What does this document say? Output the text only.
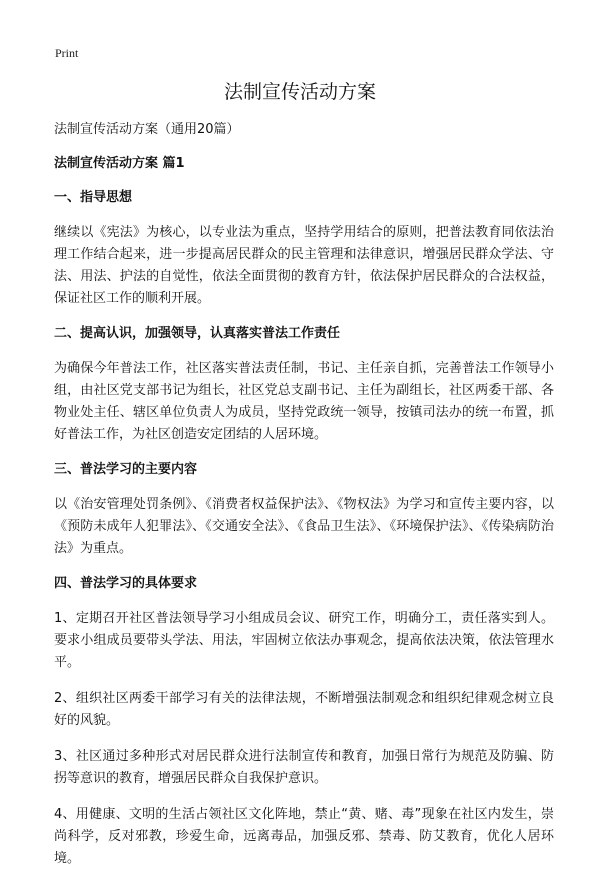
Print
法制宣传活动方案

法制宣传活动方案（通用20篇）

法制宣传活动方案 篇1

一、指导思想

继续以《宪法》为核心，以专业法为重点，坚持学用结合的原则，把普法教育同依法治理工作结合起来，进一步提高居民群众的民主管理和法律意识，增强居民群众学法、守法、用法、护法的自觉性，依法全面贯彻的教育方针，依法保护居民群众的合法权益，保证社区工作的顺利开展。

二、提高认识，加强领导，认真落实普法工作责任

为确保今年普法工作，社区落实普法责任制，书记、主任亲自抓，完善普法工作领导小组，由社区党支部书记为组长，社区党总支副书记、主任为副组长，社区两委干部、各物业处主任、辖区单位负责人为成员，坚持党政统一领导，按镇司法办的统一布置，抓好普法工作，为社区创造安定团结的人居环境。

三、普法学习的主要内容

以《治安管理处罚条例》、《消费者权益保护法》、《物权法》为学习和宣传主要内容，以《预防未成年人犯罪法》、《交通安全法》、《食品卫生法》、《环境保护法》、《传染病防治法》为重点。

四、普法学习的具体要求

1、定期召开社区普法领导学习小组成员会议、研究工作，明确分工，责任落实到人。要求小组成员要带头学法、用法，牢固树立依法办事观念，提高依法决策，依法管理水平。

2、组织社区两委干部学习有关的法律法规，不断增强法制观念和组织纪律观念树立良好的风貌。

3、社区通过多种形式对居民群众进行法制宣传和教育，加强日常行为规范及防骗、防拐等意识的教育，增强居民群众自我保护意识。

4、用健康、文明的生活占领社区文化阵地，禁止“黄、赌、毒”现象在社区内发生，崇尚科学，反对邪教，珍爱生命，远离毒品，加强反邪、禁毒、防艾教育，优化人居环境。
